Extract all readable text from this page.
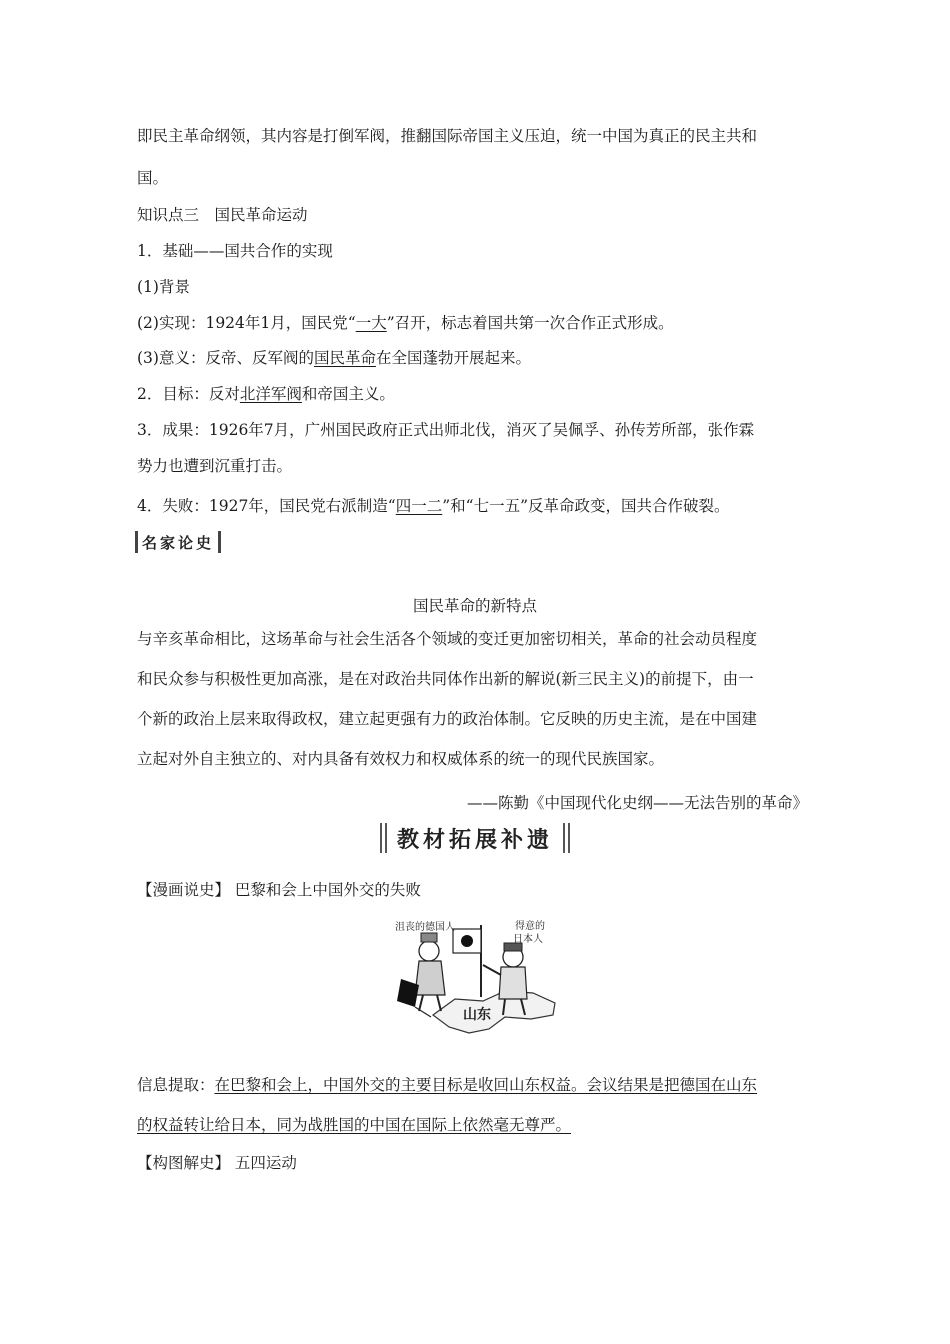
即民主革命纲领，其内容是打倒军阀，推翻国际帝国主义压迫，统一中国为真正的民主共和
国。
知识点三　国民革命运动
1．基础——国共合作的实现
(1)背景
(2)实现：1924年1月，国民党“一大”召开，标志着国共第一次合作正式形成。
(3)意义：反帝、反军阀的国民革命在全国蓬勃开展起来。
2．目标：反对北洋军阀和帝国主义。
3．成果：1926年7月，广州国民政府正式出师北伐，消灭了吴佩孚、孙传芳所部，张作霖
势力也遭到沉重打击。
4．失败：1927年，国民党右派制造“四一二”和“七一五”反革命政变，国共合作破裂。
名家论史
国民革命的新特点
与辛亥革命相比，这场革命与社会生活各个领域的变迁更加密切相关，革命的社会动员程度
和民众参与积极性更加高涨，是在对政治共同体作出新的解说(新三民主义)的前提下，由一
个新的政治上层来取得政权，建立起更强有力的政治体制。它反映的历史主流，是在中国建
立起对外自主独立的、对内具备有效权力和权威体系的统一的现代民族国家。
——陈勤《中国现代化史纲——无法告别的革命》
教材拓展补遗
【漫画说史】 巴黎和会上中国外交的失败
沮丧的德国人	得意的
日本人
山东
信息提取：在巴黎和会上，中国外交的主要目标是收回山东权益。会议结果是把德国在山东
的权益转让给日本，同为战胜国的中国在国际上依然毫无尊严。
【构图解史】 五四运动
